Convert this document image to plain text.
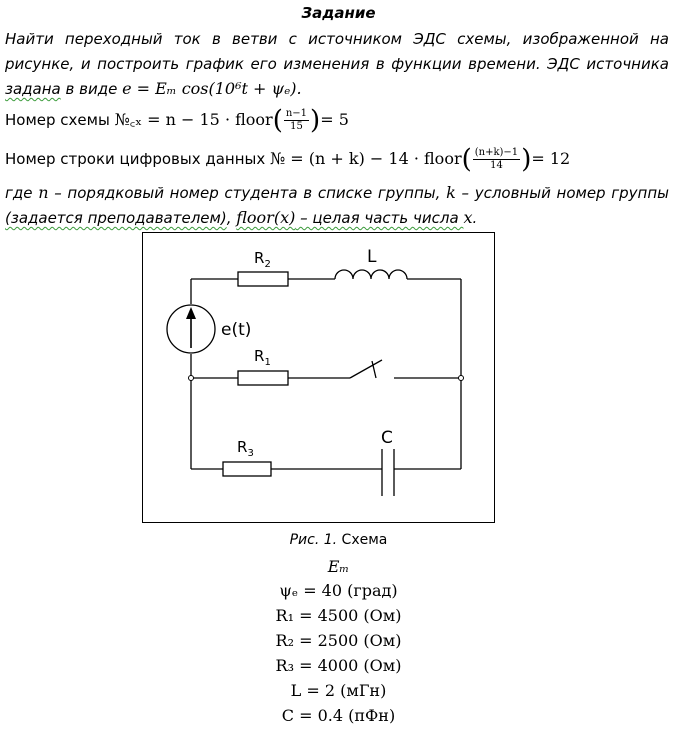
Задание
Найти переходный ток в ветви с источником ЭДС схемы, изображенной на
рисунке, и построить график его изменения в функции времени. ЭДС источника
задана в виде e = Eₘ cos(10⁶t + ψₑ).
Номер схемы №꜀ₓ = n − 15 · floor( $\frac{n-1}{15}$ )= 5
Номер строки цифровых данных № = (n + k) − 14 · floor( $\frac{(n+k)-1}{14}$ )= 12
где n – порядковый номер студента в списке группы, k – условный номер группы
(задается преподавателем), floor(x) – целая часть числа x.
$R_2$	L
e(t)
$R_1$
$R_3$
C
Рис. 1. Схема
Eₘ
ψₑ = 40 (град)
R₁ = 4500 (Ом)
R₂ = 2500 (Ом)
R₃ = 4000 (Ом)
L = 2 (мГн)
C = 0.4 (пФн)
